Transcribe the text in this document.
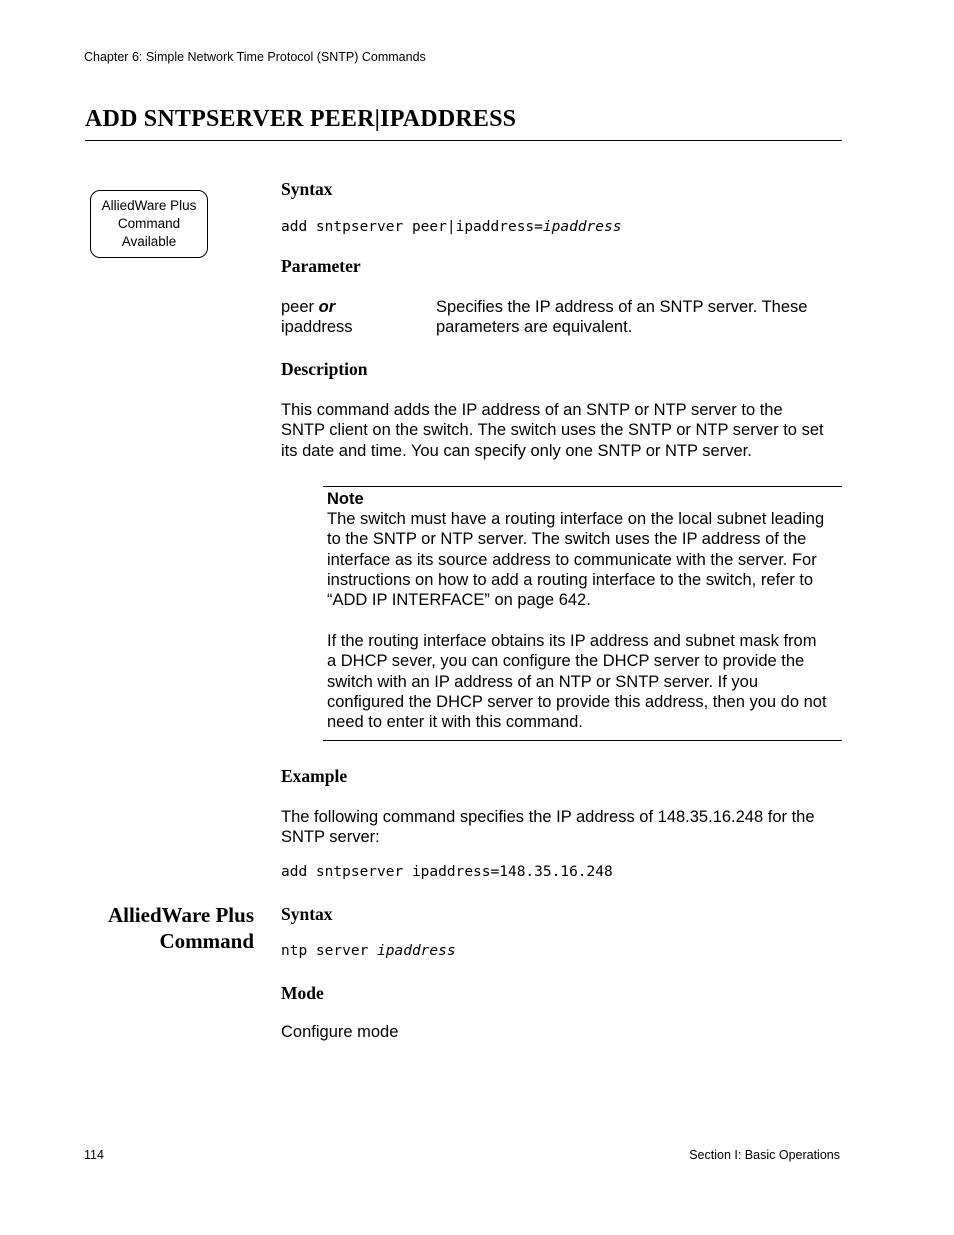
Chapter 6: Simple Network Time Protocol (SNTP) Commands
ADD SNTPSERVER PEER|IPADDRESS
AlliedWare Plus
Command
Available
Syntax
add sntpserver peer|ipaddress=ipaddress
Parameter
peer or
ipaddress
Specifies the IP address of an SNTP server. These
parameters are equivalent.
Description
This command adds the IP address of an SNTP or NTP server to the
SNTP client on the switch. The switch uses the SNTP or NTP server to set
its date and time. You can specify only one SNTP or NTP server.
Note
The switch must have a routing interface on the local subnet leading
to the SNTP or NTP server. The switch uses the IP address of the
interface as its source address to communicate with the server. For
instructions on how to add a routing interface to the switch, refer to
“ADD IP INTERFACE” on page 642.
If the routing interface obtains its IP address and subnet mask from
a DHCP sever, you can configure the DHCP server to provide the
switch with an IP address of an NTP or SNTP server. If you
configured the DHCP server to provide this address, then you do not
need to enter it with this command.
Example
The following command specifies the IP address of 148.35.16.248 for the
SNTP server:
add sntpserver ipaddress=148.35.16.248
AlliedWare Plus
Command
Syntax
ntp server ipaddress
Mode
Configure mode
114	Section I: Basic Operations
